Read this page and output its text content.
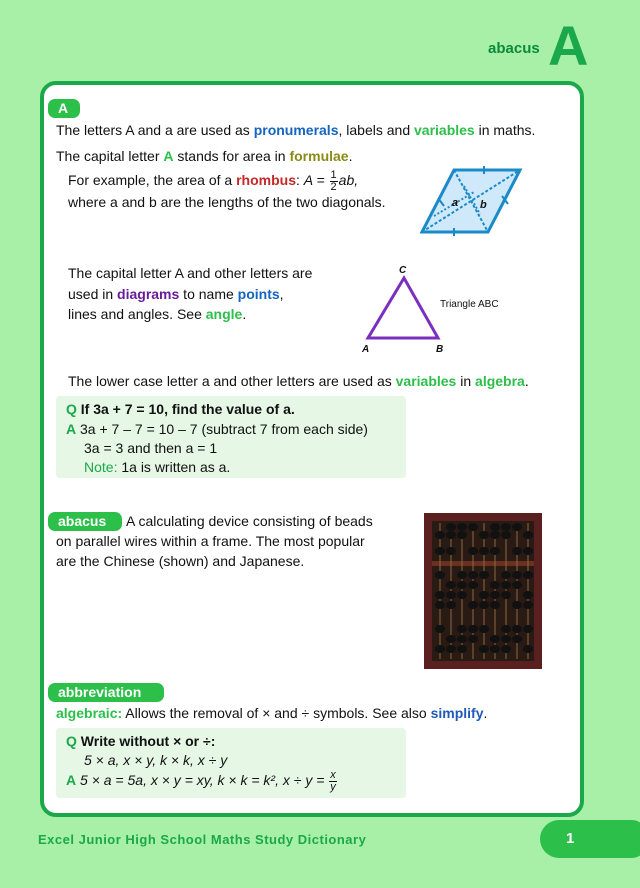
abacus A
A
The letters A and a are used as pronumerals, labels and variables in maths.
The capital letter A stands for area in formulae.
For example, the area of a rhombus: $A = \frac{1}{2}$ ab,
where a and b are the lengths of the two diagonals.	a b
The capital letter A and other letters are
used in diagrams to name points,
lines and angles. See angle.
C
A	B
Triangle ABC
The lower case letter a and other letters are used as variables in algebra.
Q If 3a + 7 = 10, find the value of a.
A 3a + 7 – 7 = 10 – 7 (subtract 7 from each side)
3a = 3 and then a = 1
Note: 1a is written as a.
abacus	A calculating device consisting of beads
on parallel wires within a frame. The most popular
are the Chinese (shown) and Japanese.
abbreviation
algebraic: Allows the removal of × and ÷ symbols. See also simplify.
Q Write without × or ÷:
5 × a, x × y, k × k, x ÷ y
A 5 × a = 5a, x × y = xy, k × k = k², $x \div y = \frac{x}{y}$
Excel Junior High School Maths Study Dictionary	1
